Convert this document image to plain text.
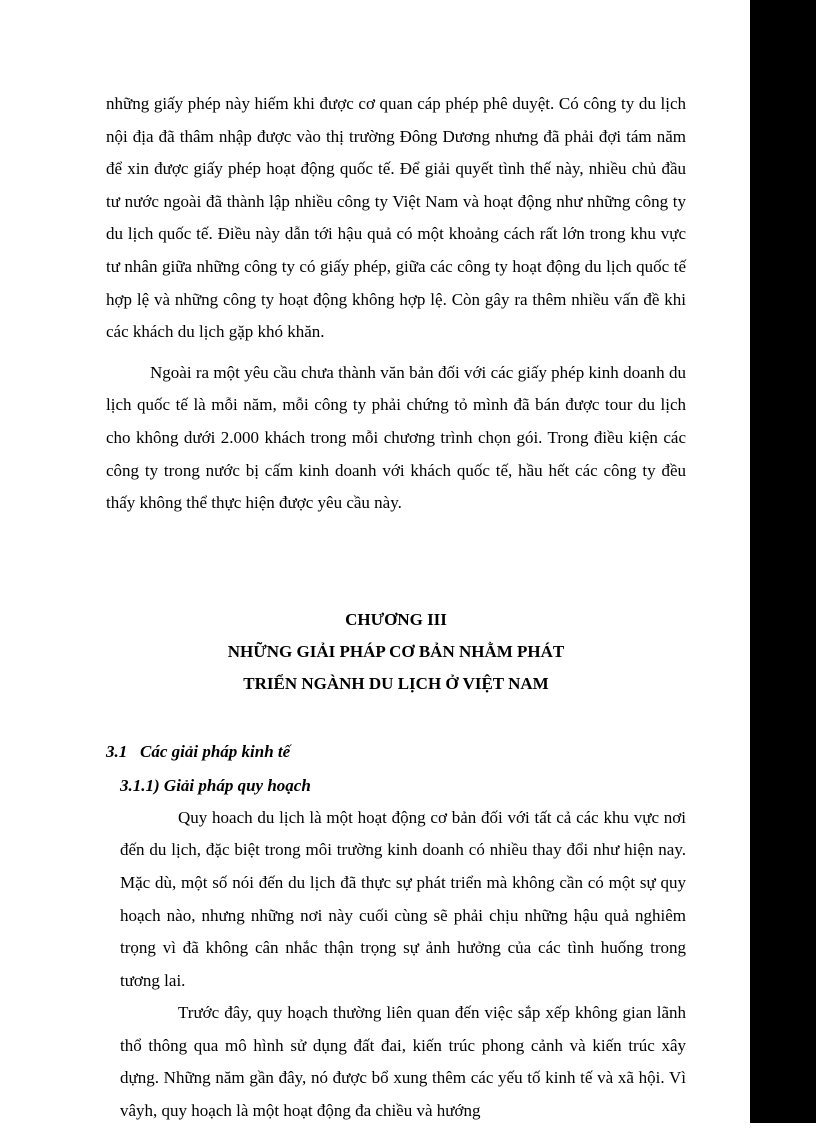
những giấy phép này hiếm khi được cơ quan cáp phép phê duyệt. Có công ty du lịch nội địa đã thâm nhập được vào thị trường Đông Dương nhưng đã phải đợi tám năm để xin được giấy phép hoạt động quốc tế. Để giải quyết tình thế này, nhiều chủ đầu tư nước ngoài đã thành lập nhiều công ty Việt Nam và hoạt động như những công ty du lịch quốc tế. Điều này dẫn tới hậu quả có một khoảng cách rất lớn trong khu vực tư nhân giữa những công ty có giấy phép, giữa các công ty hoạt động du lịch quốc tế hợp lệ và những công ty hoạt động không hợp lệ. Còn gây ra thêm nhiều vấn đề khi các khách du lịch gặp khó khăn.

Ngoài ra một yêu cầu chưa thành văn bản đối với các giấy phép kinh doanh du lịch quốc tế là mỗi năm, mỗi công ty phải chứng tỏ mình đã bán được tour du lịch cho không dưới 2.000 khách trong mỗi chương trình chọn gói. Trong điều kiện các công ty trong nước bị cấm kinh doanh với khách quốc tế, hầu hết các công ty đều thấy không thể thực hiện được yêu cầu này.

CHƯƠNG III
NHỮNG GIẢI PHÁP CƠ BẢN NHẰM PHÁT
TRIỂN NGÀNH DU LỊCH Ở VIỆT NAM
3.1 Các giải pháp kinh tế
3.1.1) Giải pháp quy hoạch

Quy hoach du lịch là một hoạt động cơ bản đối với tất cả các khu vực nơi đến du lịch, đặc biệt trong môi trường kinh doanh có nhiều thay đổi như hiện nay. Mặc dù, một số nói đến du lịch đã thực sự phát triển mà không cần có một sự quy hoạch nào, nhưng những nơi này cuối cùng sẽ phải chịu những hậu quả nghiêm trọng vì đã không cân nhắc thận trọng sự ảnh hưởng của các tình huống trong tương lai.

Trước đây, quy hoạch thường liên quan đến việc sắp xếp không gian lãnh thổ thông qua mô hình sử dụng đất đai, kiến trúc phong cảnh và kiến trúc xây dựng. Những năm gần đây, nó được bổ xung thêm các yếu tố kinh tế và xã hội. Vì vâyh, quy hoạch là một hoạt động đa chiều và hướng
